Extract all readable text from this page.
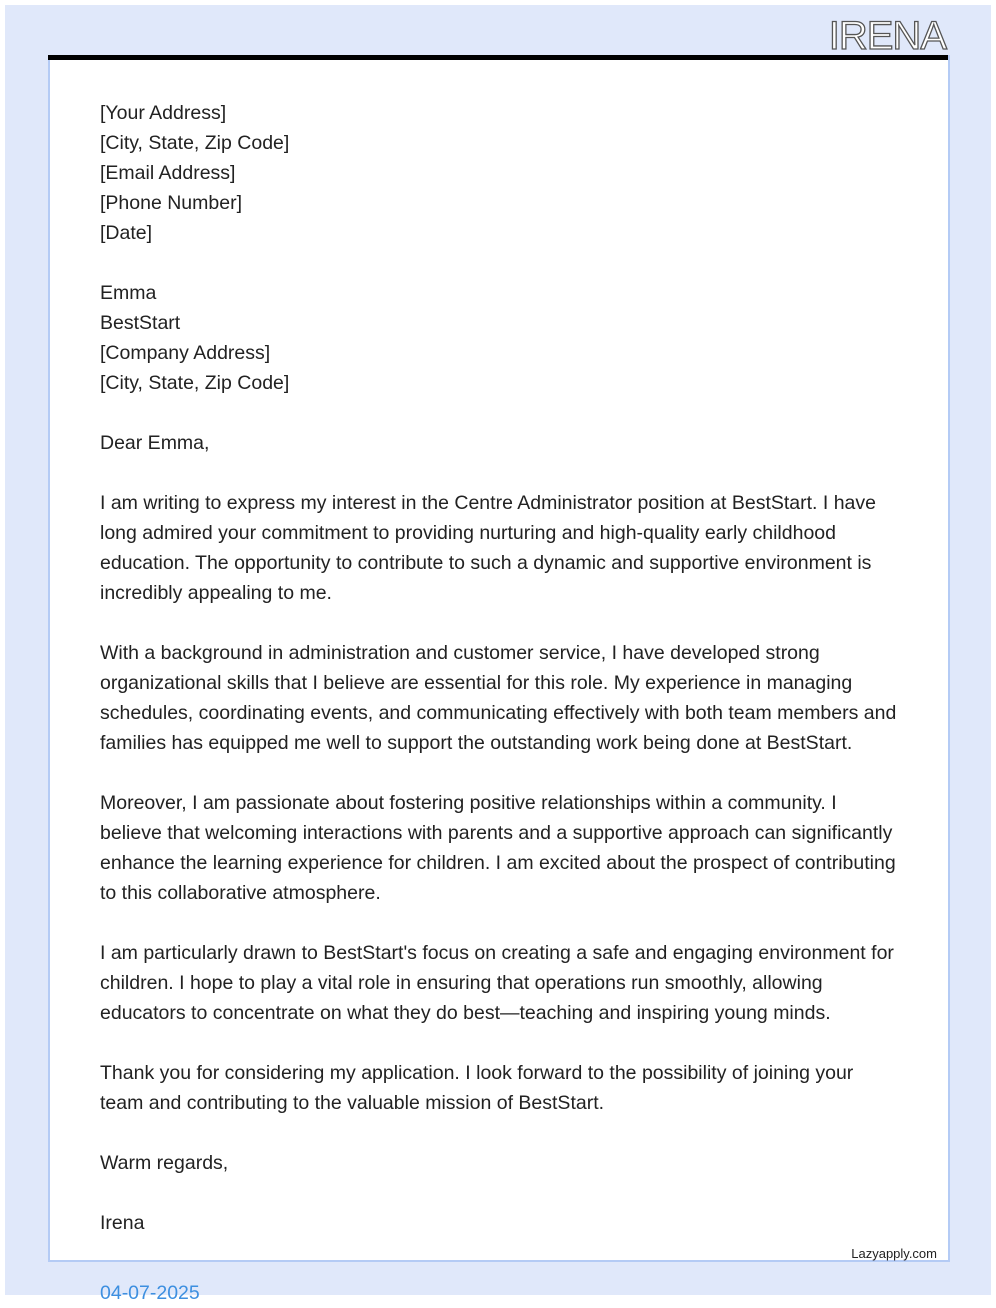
IRENA

[Your Address]
[City, State, Zip Code]
[Email Address]
[Phone Number]
[Date]

Emma
BestStart
[Company Address]
[City, State, Zip Code]

Dear Emma,

I am writing to express my interest in the Centre Administrator position at BestStart. I have long admired your commitment to providing nurturing and high-quality early childhood education. The opportunity to contribute to such a dynamic and supportive environment is incredibly appealing to me.

With a background in administration and customer service, I have developed strong organizational skills that I believe are essential for this role. My experience in managing schedules, coordinating events, and communicating effectively with both team members and families has equipped me well to support the outstanding work being done at BestStart.

Moreover, I am passionate about fostering positive relationships within a community. I believe that welcoming interactions with parents and a supportive approach can significantly enhance the learning experience for children. I am excited about the prospect of contributing to this collaborative atmosphere.

I am particularly drawn to BestStart's focus on creating a safe and engaging environment for children. I hope to play a vital role in ensuring that operations run smoothly, allowing educators to concentrate on what they do best—teaching and inspiring young minds.

Thank you for considering my application. I look forward to the possibility of joining your team and contributing to the valuable mission of BestStart.

Warm regards,

Irena

04-07-2025
Lazyapply.com
